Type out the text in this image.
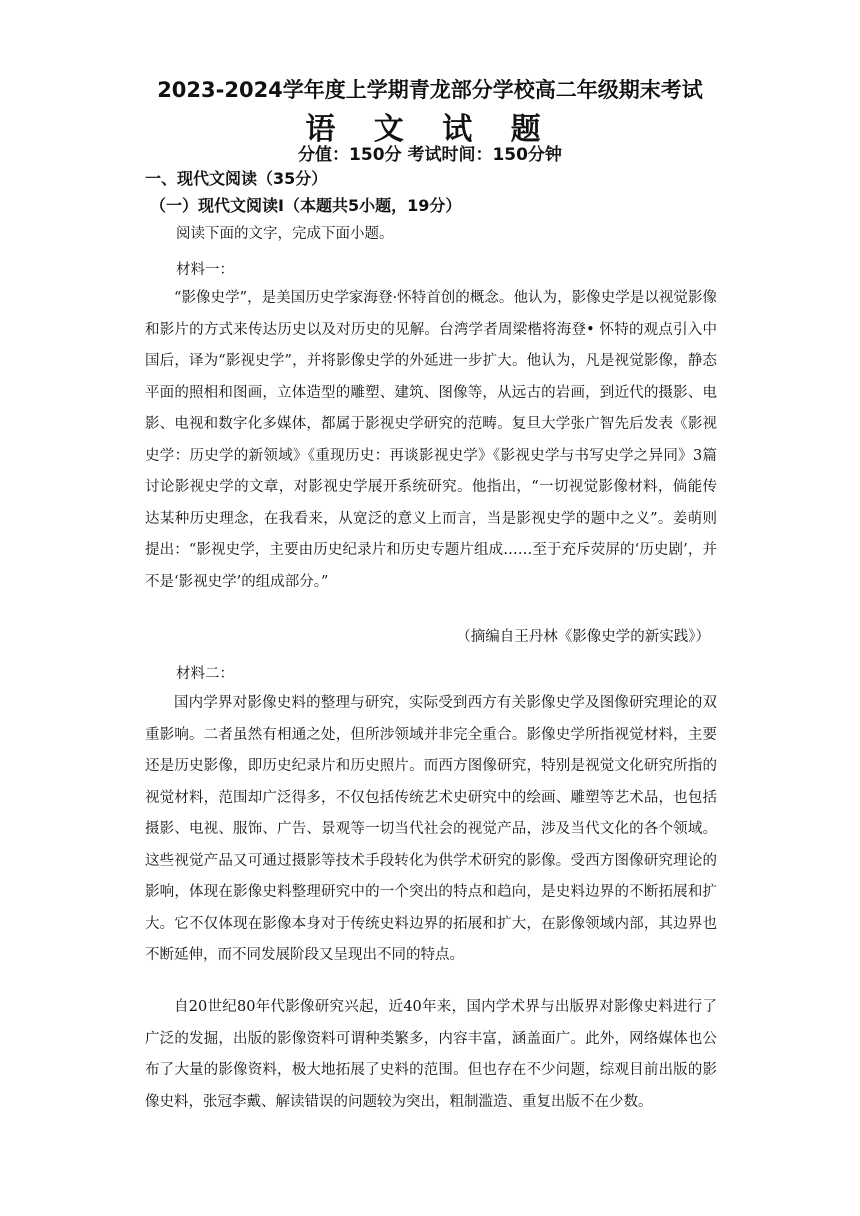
2023-2024学年度上学期青龙部分学校高二年级期末考试
语 文 试 题
分值：150分 考试时间：150分钟
一、现代文阅读（35分）
（一）现代文阅读Ⅰ（本题共5小题，19分）
阅读下面的文字，完成下面小题。
材料一：

“影像史学”，是美国历史学家海登·怀特首创的概念。他认为，影像史学是以视觉影像和影片的方式来传达历史以及对历史的见解。台湾学者周梁楷将海登• 怀特的观点引入中国后，译为“影视史学”，并将影像史学的外延进一步扩大。他认为，凡是视觉影像，静态平面的照相和图画，立体造型的雕塑、建筑、图像等，从远古的岩画，到近代的摄影、电影、电视和数字化多媒体，都属于影视史学研究的范畴。复旦大学张广智先后发表《影视史学：历史学的新领域》《重现历史：再谈影视史学》《影视史学与书写史学之异同》3篇讨论影视史学的文章，对影视史学展开系统研究。他指出，“一切视觉影像材料，倘能传达某种历史理念，在我看来，从宽泛的意义上而言，当是影视史学的题中之义”。姜萌则提出：“影视史学，主要由历史纪录片和历史专题片组成……至于充斥荧屏的‘历史剧’，并不是‘影视史学’的组成部分。”

（摘编自王丹林《影像史学的新实践》）
材料二：

国内学界对影像史料的整理与研究，实际受到西方有关影像史学及图像研究理论的双重影响。二者虽然有相通之处，但所涉领域并非完全重合。影像史学所指视觉材料，主要还是历史影像，即历史纪录片和历史照片。而西方图像研究，特别是视觉文化研究所指的视觉材料，范围却广泛得多，不仅包括传统艺术史研究中的绘画、雕塑等艺术品，也包括摄影、电视、服饰、广告、景观等一切当代社会的视觉产品，涉及当代文化的各个领域。这些视觉产品又可通过摄影等技术手段转化为供学术研究的影像。受西方图像研究理论的影响，体现在影像史料整理研究中的一个突出的特点和趋向，是史料边界的不断拓展和扩大。它不仅体现在影像本身对于传统史料边界的拓展和扩大，在影像领域内部，其边界也不断延伸，而不同发展阶段又呈现出不同的特点。

自20世纪80年代影像研究兴起，近40年来，国内学术界与出版界对影像史料进行了广泛的发掘，出版的影像资料可谓种类繁多，内容丰富，涵盖面广。此外，网络媒体也公布了大量的影像资料，极大地拓展了史料的范围。但也存在不少问题，综观目前出版的影像史料，张冠李戴、解读错误的问题较为突出，粗制滥造、重复出版不在少数。
